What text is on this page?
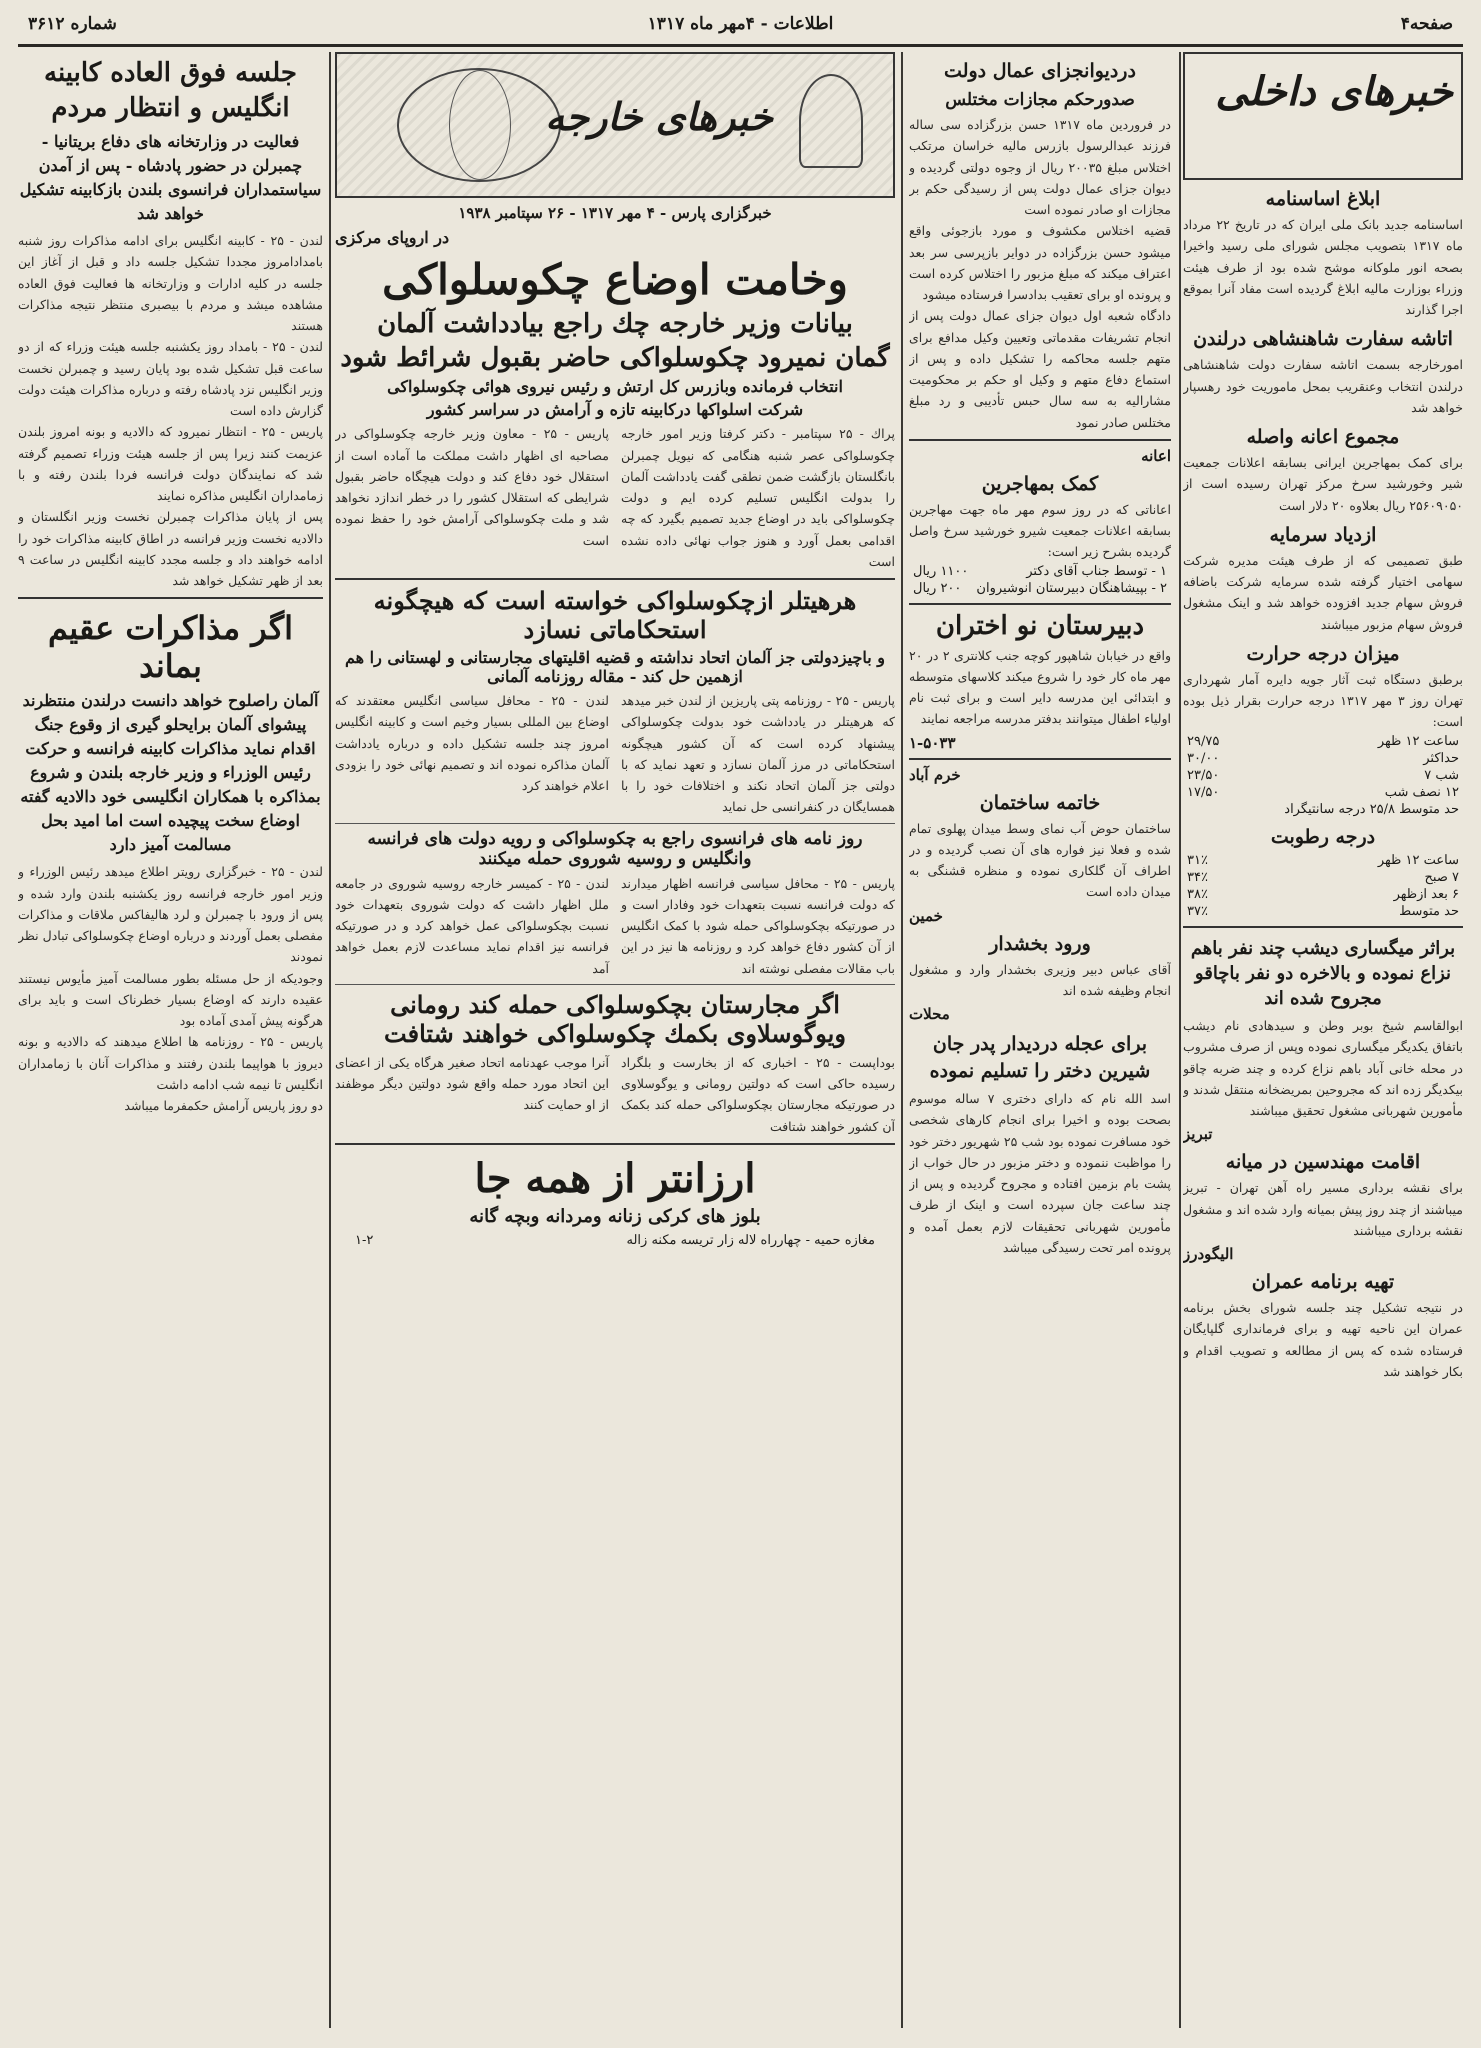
صفحه۴
اطلاعات - ۴مهر ماه ۱۳۱۷
شماره ۳۶۱۲
خبرهای داخلی
ابلاغ اساسنامه
اساسنامه جدید بانک ملی ایران که در تاریخ ۲۲ مرداد ماه ۱۳۱۷ بتصویب مجلس شورای ملی رسید واخیرا بصحه انور ملوکانه موشح شده بود از طرف هیئت وزراء بوزارت مالیه ابلاغ گردیده است مفاد آنرا بموقع اجرا گذارند
اتاشه سفارت شاهنشاهی درلندن
امورخارجه بسمت اتاشه سفارت دولت شاهنشاهی درلندن انتخاب وعنقریب بمحل ماموریت خود رهسپار خواهد شد
مجموع اعانه واصله
برای کمک بمهاجرین ایرانی بسابقه اعلانات جمعیت شیر وخورشید سرخ مرکز تهران رسیده است از ۲۵۶۰۹۰۵۰ ریال بعلاوه ۲۰ دلار است
ازدیاد سرمایه
طبق تصمیمی که از طرف هیئت مدیره شرکت سهامی اختیار گرفته شده سرمایه شرکت باضافه فروش سهام جدید افزوده خواهد شد و اینک مشغول فروش سهام مزبور میباشند
میزان درجه حرارت
برطبق دستگاه ثبت آثار جویه دایره آمار شهرداری تهران روز ۳ مهر ۱۳۱۷ درجه حرارت بقرار ذیل بوده است:
ساعت ۱۲ ظهر
۲۹/۷۵
حداکثر
۳۰/۰۰
شب ۷
۲۳/۵۰
۱۲ نصف شب
۱۷/۵۰
حد متوسط ۲۵/۸ درجه سانتیگراد
درجه رطوبت
ساعت ۱۲ ظهر
۳۱٪
۷ صبح
۳۴٪
۶ بعد ازظهر
۳۸٪
حد متوسط
۳۷٪
براثر میگساری دیشب چند نفر باهم نزاع نموده و بالاخره دو نفر باچاقو مجروح شده اند
ابوالقاسم شیخ بوبر وطن و سیدهادی نام دیشب باتفاق یکدیگر میگساری نموده وپس از صرف مشروب در محله خانی آباد باهم نزاع کرده و چند ضربه چاقو بیکدیگر زده اند که مجروحین بمریضخانه منتقل شدند و مأمورین شهربانی مشغول تحقیق میباشند
تبریز
اقامت مهندسین در میانه
برای نقشه برداری مسیر راه آهن تهران - تبریز میباشند از چند روز پیش بمیانه وارد شده اند و مشغول نقشه برداری میباشند
الیگودرز
تهیه برنامه عمران
در نتیجه تشکیل چند جلسه شورای بخش برنامه عمران این ناحیه تهیه و برای فرمانداری گلپایگان فرستاده شده که پس از مطالعه و تصویب اقدام و بکار خواهند شد
دردیوانجزای عمال دولت
صدورحکم مجازات مختلس
در فروردین ماه ۱۳۱۷ حسن بزرگزاده سی ساله فرزند عبدالرسول بازرس مالیه خراسان مرتکب اختلاس مبلغ ۲۰۰۳۵ ریال از وجوه دولتی گردیده و دیوان جزای عمال دولت پس از رسیدگی حکم بر مجازات او صادر نموده است
قضیه اختلاس مکشوف و مورد بازجوئی واقع میشود حسن بزرگزاده در دوایر بازپرسی سر بعد اعتراف میکند که مبلغ مزبور را اختلاس کرده است و پرونده او برای تعقیب بدادسرا فرستاده میشود
دادگاه شعبه اول دیوان جزای عمال دولت پس از انجام تشریفات مقدماتی وتعیین وکیل مدافع برای متهم جلسه محاکمه را تشکیل داده و پس از استماع دفاع متهم و وکیل او حکم بر محکومیت مشارالیه به سه سال حبس تأدیبی و رد مبلغ مختلس صادر نمود
اعانه
کمک بمهاجرین
اعاناتی که در روز سوم مهر ماه جهت مهاجرین بسابقه اعلانات جمعیت شیرو خورشید سرخ واصل گردیده بشرح زیر است:
۱ - توسط جناب آقای دکتر
۱۱۰۰ ریال
۲ - بپیشاهنگان دبیرستان انوشیروان
۲۰۰ ریال
دبیرستان نو اختران
واقع در خیابان شاهپور کوچه جنب کلانتری ۲ در ۲۰ مهر ماه کار خود را شروع میکند کلاسهای متوسطه و ابتدائی این مدرسه دایر است و برای ثبت نام اولیاء اطفال میتوانند بدفتر مدرسه مراجعه نمایند
۱-۵۰۳۳
خرم آباد
خاتمه ساختمان
ساختمان حوض آب نمای وسط میدان پهلوی تمام شده و فعلا نیز فواره های آن نصب گردیده و در اطراف آن گلکاری نموده و منظره قشنگی به میدان داده است
خمین
ورود بخشدار
آقای عباس دبیر وزیری بخشدار وارد و مشغول انجام وظیفه شده اند
محلات
برای عجله دردیدار پدر جان شیرین دختر را تسلیم نموده
اسد الله نام که دارای دختری ۷ ساله موسوم بصحت بوده و اخیرا برای انجام کارهای شخصی خود مسافرت نموده بود شب ۲۵ شهریور دختر خود را مواظبت ننموده و دختر مزبور در حال خواب از پشت بام بزمین افتاده و مجروح گردیده و پس از چند ساعت جان سپرده است و اینک از طرف مأمورین شهربانی تحقیقات لازم بعمل آمده و پرونده امر تحت رسیدگی میباشد
خبرهای خارجه
خبرگزاری پارس - ۴ مهر ۱۳۱۷ - ۲۶ سپتامبر ۱۹۳۸
در اروپای مرکزی
وخامت اوضاع چکوسلواکی
بیانات وزیر خارجه چك راجع بیادداشت آلمان
گمان نمیرود چکوسلواکی حاضر بقبول شرائط شود
انتخاب فرمانده وبازرس کل ارتش و رئیس نیروی هوائی چکوسلواکی
شرکت اسلواکها درکابینه تازه و آرامش در سراسر کشور
پراك - ۲۵ سپتامبر - دکتر کرفتا وزیر امور خارجه چکوسلواکی عصر شنبه هنگامی که نیویل چمبرلن بانگلستان بازگشت ضمن نطقی گفت یادداشت آلمان را بدولت انگلیس تسلیم کرده ایم و دولت چکوسلواکی باید در اوضاع جدید تصمیم بگیرد که چه اقدامی بعمل آورد و هنوز جواب نهائی داده نشده است
پاریس - ۲۵ - معاون وزیر خارجه چکوسلواکی در مصاحبه ای اظهار داشت مملکت ما آماده است از استقلال خود دفاع کند و دولت هیچگاه حاضر بقبول شرایطی که استقلال کشور را در خطر اندازد نخواهد شد و ملت چکوسلواکی آرامش خود را حفظ نموده است
هرهیتلر ازچکوسلواکی خواسته است که هیچگونه استحکاماتی نسازد
و باچیزدولتی جز آلمان اتحاد نداشته و قضیه اقلیتهای مجارستانی و لهستانی را هم ازهمین حل کند - مقاله روزنامه آلمانی
پاریس - ۲۵ - روزنامه پتی پاریزین از لندن خبر میدهد که هرهیتلر در یادداشت خود بدولت چکوسلواکی پیشنهاد کرده است که آن کشور هیچگونه استحکاماتی در مرز آلمان نسازد و تعهد نماید که با دولتی جز آلمان اتحاد نکند و اختلافات خود را با همسایگان در کنفرانسی حل نماید
لندن - ۲۵ - محافل سیاسی انگلیس معتقدند که اوضاع بین المللی بسیار وخیم است و کابینه انگلیس امروز چند جلسه تشکیل داده و درباره یادداشت آلمان مذاکره نموده اند و تصمیم نهائی خود را بزودی اعلام خواهند کرد
روز نامه های فرانسوی راجع به چکوسلواکی و رویه دولت های فرانسه وانگلیس و روسیه شوروی حمله میکنند
پاریس - ۲۵ - محافل سیاسی فرانسه اظهار میدارند که دولت فرانسه نسبت بتعهدات خود وفادار است و در صورتیکه بچکوسلواکی حمله شود با کمک انگلیس از آن کشور دفاع خواهد کرد و روزنامه ها نیز در این باب مقالات مفصلی نوشته اند
لندن - ۲۵ - کمیسر خارجه روسیه شوروی در جامعه ملل اظهار داشت که دولت شوروی بتعهدات خود نسبت بچکوسلواکی عمل خواهد کرد و در صورتیکه فرانسه نیز اقدام نماید مساعدت لازم بعمل خواهد آمد
اگر مجارستان بچکوسلواکی حمله کند رومانی ویوگوسلاوی بکمك چکوسلواکی خواهند شتافت
بوداپست - ۲۵ - اخباری که از بخارست و بلگراد رسیده حاکی است که دولتین رومانی و یوگوسلاوی در صورتیکه مجارستان بچکوسلواکی حمله کند بکمک آن کشور خواهند شتافت
آنرا موجب عهدنامه اتحاد صغیر هرگاه یکی از اعضای این اتحاد مورد حمله واقع شود دولتین دیگر موظفند از او حمایت کنند
ارزانتر از همه جا
بلوز های کرکی زنانه ومردانه وبچه گانه
مغازه حمیه - چهارراه لاله زار تریسه مکنه زاله
۱-۲
جلسه فوق العاده کابینه انگلیس و انتظار مردم
فعالیت در وزارتخانه های دفاع بریتانیا - چمبرلن در حضور پادشاه - پس از آمدن سیاستمداران فرانسوی بلندن بازکابینه تشکیل خواهد شد
لندن - ۲۵ - کابینه انگلیس برای ادامه مذاکرات روز شنبه بامدادامروز مجددا تشکیل جلسه داد و قبل از آغاز این جلسه در کلیه ادارات و وزارتخانه ها فعالیت فوق العاده مشاهده میشد و مردم با بیصبری منتظر نتیجه مذاکرات هستند
لندن - ۲۵ - بامداد روز یکشنبه جلسه هیئت وزراء که از دو ساعت قبل تشکیل شده بود پایان رسید و چمبرلن نخست وزیر انگلیس نزد پادشاه رفته و درباره مذاکرات هیئت دولت گزارش داده است
پاریس - ۲۵ - انتظار نمیرود که دالادیه و بونه امروز بلندن عزیمت کنند زیرا پس از جلسه هیئت وزراء تصمیم گرفته شد که نمایندگان دولت فرانسه فردا بلندن رفته و با زمامداران انگلیس مذاکره نمایند
پس از پایان مذاکرات چمبرلن نخست وزیر انگلستان و دالادیه نخست وزیر فرانسه در اطاق کابینه مذاکرات خود را ادامه خواهند داد و جلسه مجدد کابینه انگلیس در ساعت ۹ بعد از ظهر تشکیل خواهد شد
اگر مذاکرات عقیم بماند
آلمان راصلوح خواهد دانست درلندن منتظرند پیشوای آلمان برایحلو گیری از وقوع جنگ اقدام نماید مذاکرات کابینه فرانسه و حرکت رئیس الوزراء و وزیر خارجه بلندن و شروع بمذاکره با همکاران انگلیسی خود دالادیه گفته اوضاع سخت پیچیده است اما امید بحل مسالمت آمیز دارد
لندن - ۲۵ - خبرگزاری رویتر اطلاع میدهد رئیس الوزراء و وزیر امور خارجه فرانسه روز یکشنبه بلندن وارد شده و پس از ورود با چمبرلن و لرد هالیفاکس ملاقات و مذاکرات مفصلی بعمل آوردند و درباره اوضاع چکوسلواکی تبادل نظر نمودند
وجودیکه از حل مسئله بطور مسالمت آمیز مأیوس نیستند عقیده دارند که اوضاع بسیار خطرناک است و باید برای هرگونه پیش آمدی آماده بود
پاریس - ۲۵ - روزنامه ها اطلاع میدهند که دالادیه و بونه دیروز با هواپیما بلندن رفتند و مذاکرات آنان با زمامداران انگلیس تا نیمه شب ادامه داشت
دو روز پاریس آرامش حکمفرما میباشد
